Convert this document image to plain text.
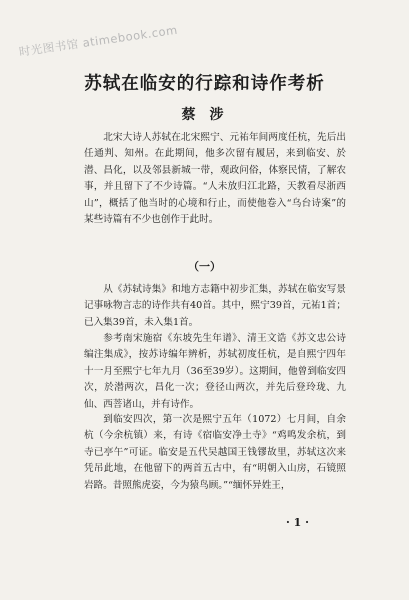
时光图书馆 atimebook.com
苏轼在临安的行踪和诗作考析
蔡涉

北宋大诗人苏轼在北宋熙宁、元祐年间两度任杭，先后出任通判、知州。在此期间，他多次留有履居，来到临安、於潜、昌化，以及邻县新城一带，观政问俗，体察民情，了解农事，并且留下了不少诗篇。“人未放归江北路，天教看尽浙西山”，概括了他当时的心境和行止，而使他卷入“乌台诗案”的某些诗篇有不少也创作于此时。

（一）

从《苏轼诗集》和地方志籍中初步汇集，苏轼在临安写景记事咏物言志的诗作共有40首。其中，熙宁39首，元祐1首；已入集39首，未入集1首。

参考南宋施宿《东坡先生年谱》、清王文诰《苏文忠公诗编注集成》，按苏诗编年辨析，苏轼初度任杭，是自熙宁四年十一月至熙宁七年九月（36至39岁）。这期间，他曾到临安四次，於潜两次，昌化一次；登径山两次，并先后登玲珑、九仙、西菩诸山，并有诗作。

到临安四次，第一次是熙宁五年（1072）七月间，自余杭（今余杭镇）来，有诗《宿临安净土寺》“鸡鸣发余杭，到寺已亭午”可证。临安是五代吴越国王钱镠故里，苏轼这次来凭吊此地，在他留下的两首五古中，有“明朝入山房，石镜照岩路。昔照熊虎姿，今为猿鸟顾。”“缅怀异姓王，

· 1 ·
